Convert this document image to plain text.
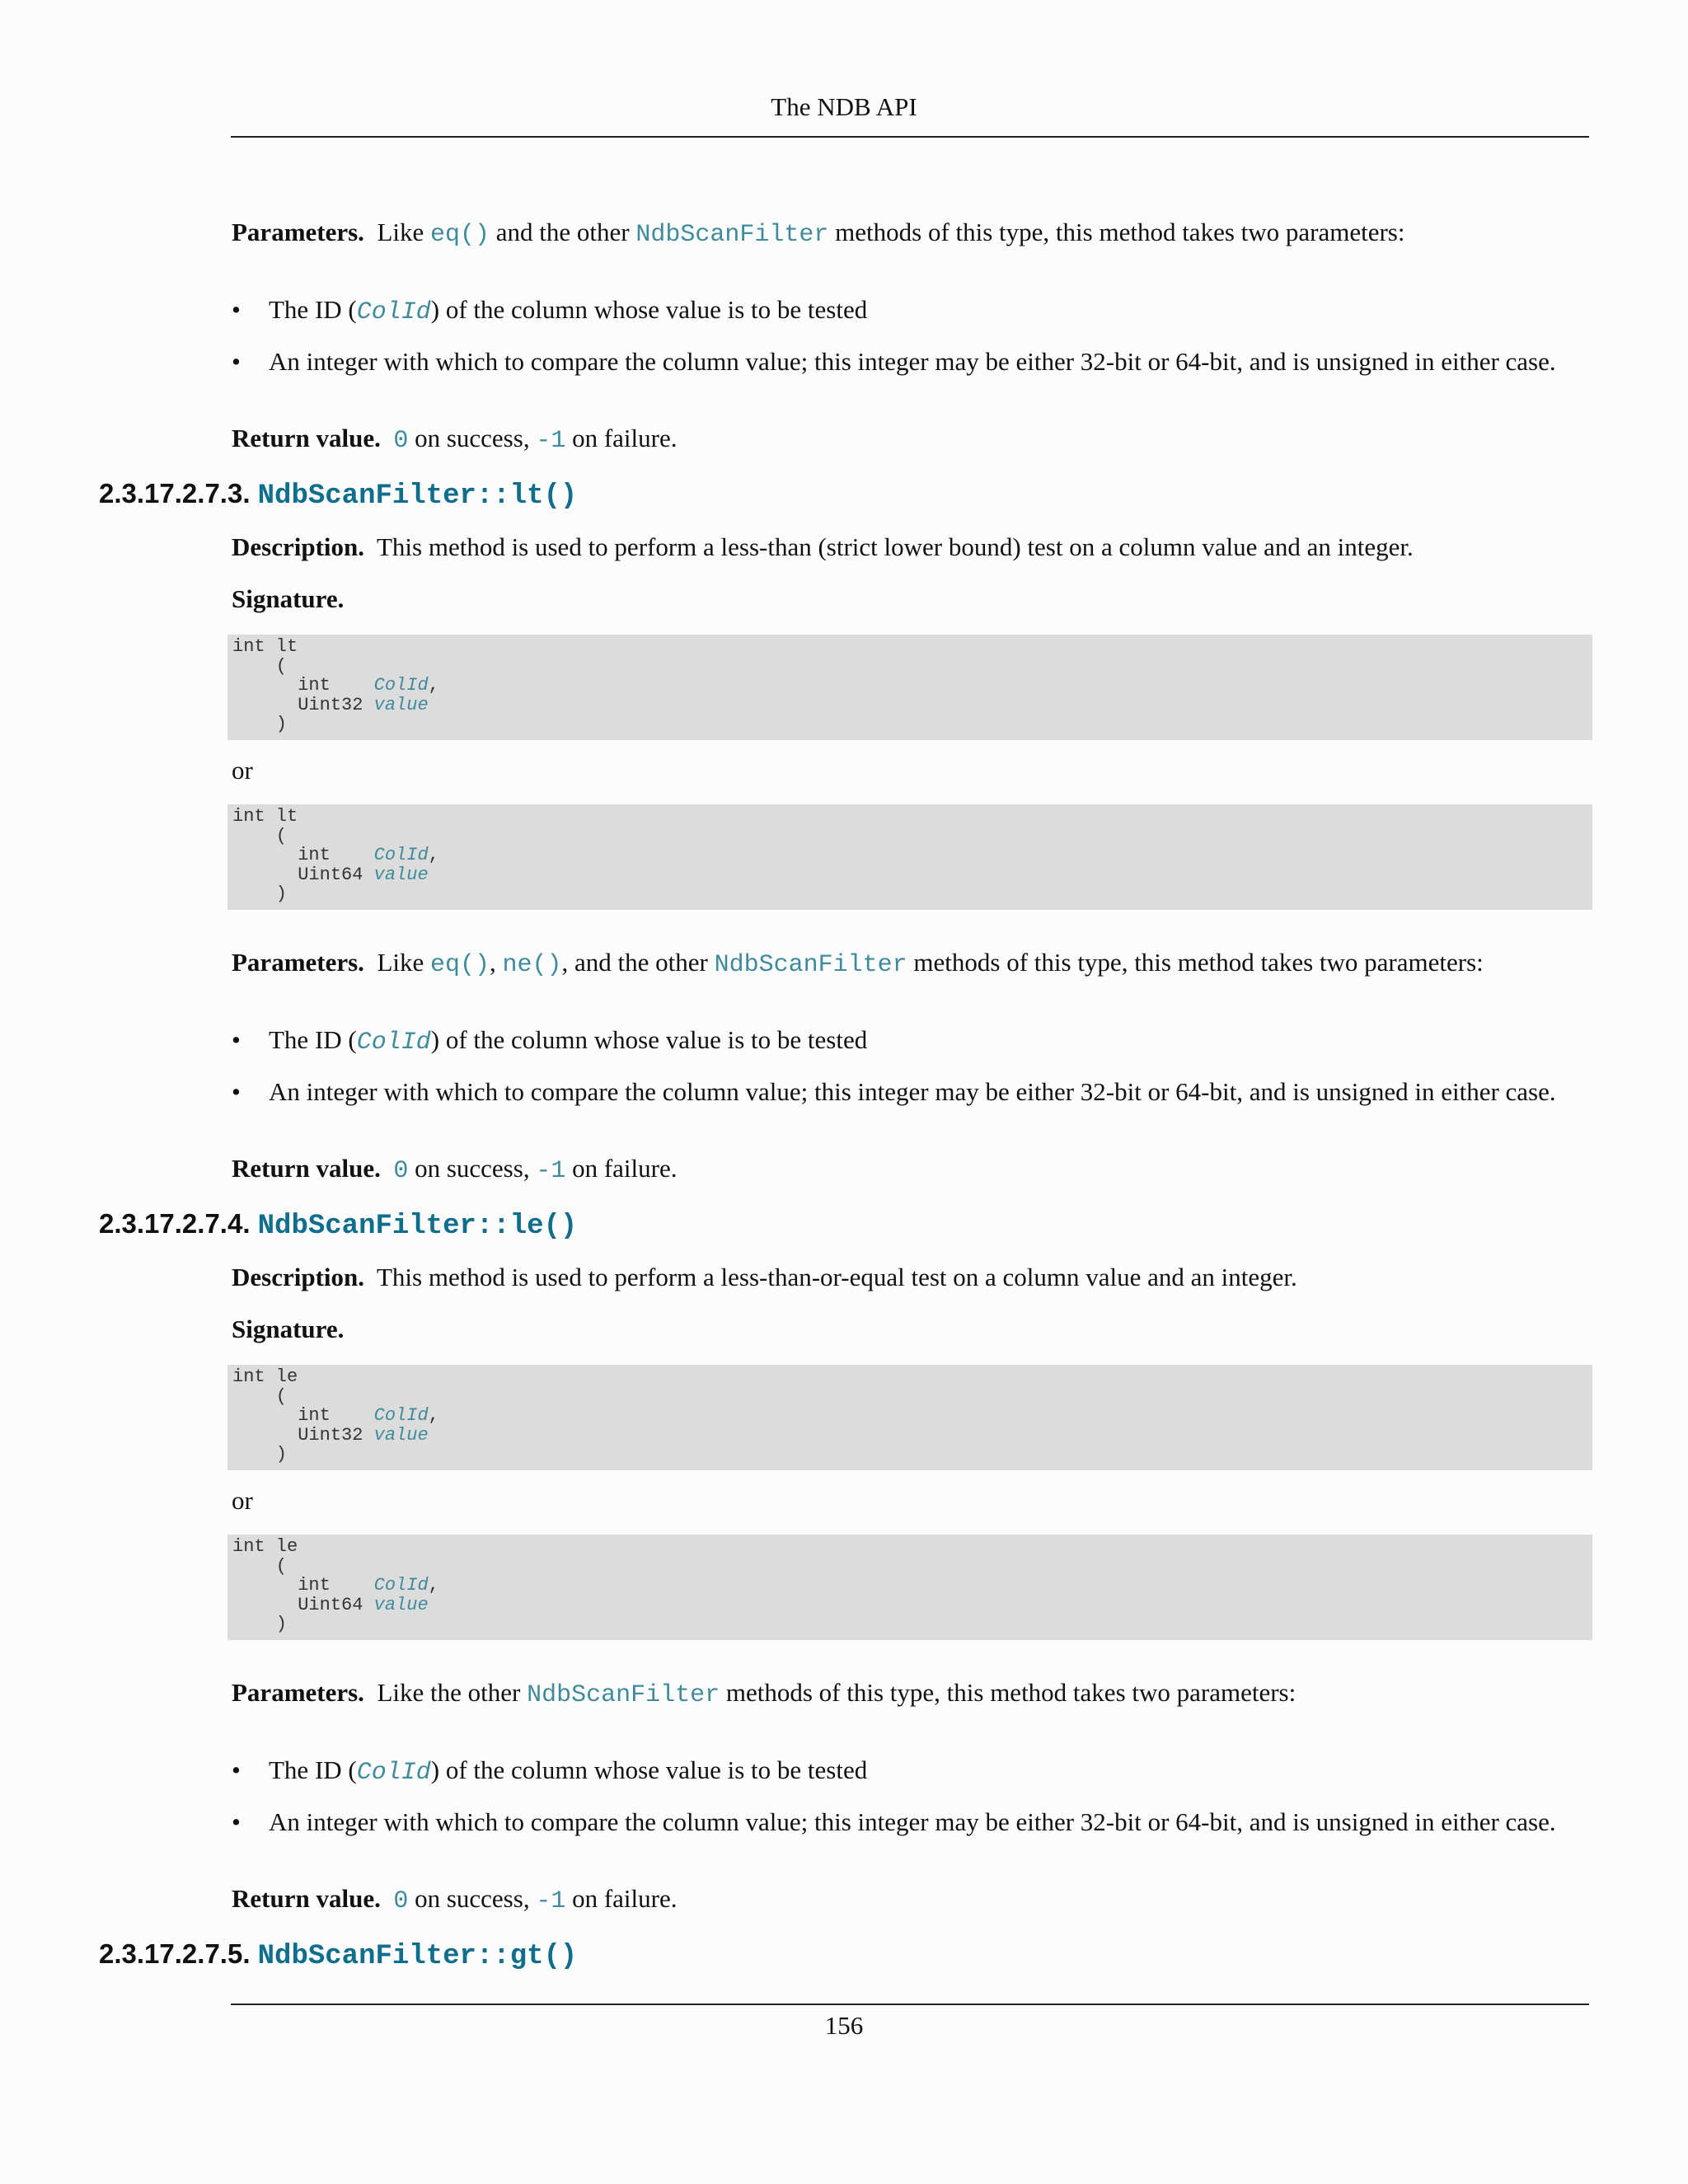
The NDB API
Parameters. Like eq() and the other NdbScanFilter methods of this type, this method takes two parameters:
• The ID (ColId) of the column whose value is to be tested
• An integer with which to compare the column value; this integer may be either 32-bit or 64-bit, and is unsigned in either case.
Return value. 0 on success, -1 on failure.
2.3.17.2.7.3. NdbScanFilter::lt()
Description. This method is used to perform a less-than (strict lower bound) test on a column value and an integer.
Signature.
int lt
(
int    ColId,
Uint32 value
)
or
int lt
(
int    ColId,
Uint64 value
)
Parameters. Like eq(), ne(), and the other NdbScanFilter methods of this type, this method takes two parameters:
• The ID (ColId) of the column whose value is to be tested
• An integer with which to compare the column value; this integer may be either 32-bit or 64-bit, and is unsigned in either case.
Return value. 0 on success, -1 on failure.
2.3.17.2.7.4. NdbScanFilter::le()
Description. This method is used to perform a less-than-or-equal test on a column value and an integer.
Signature.
int le
(
int    ColId,
Uint32 value
)
or
int le
(
int    ColId,
Uint64 value
)
Parameters. Like the other NdbScanFilter methods of this type, this method takes two parameters:
• The ID (ColId) of the column whose value is to be tested
• An integer with which to compare the column value; this integer may be either 32-bit or 64-bit, and is unsigned in either case.
Return value. 0 on success, -1 on failure.
2.3.17.2.7.5. NdbScanFilter::gt()
156
